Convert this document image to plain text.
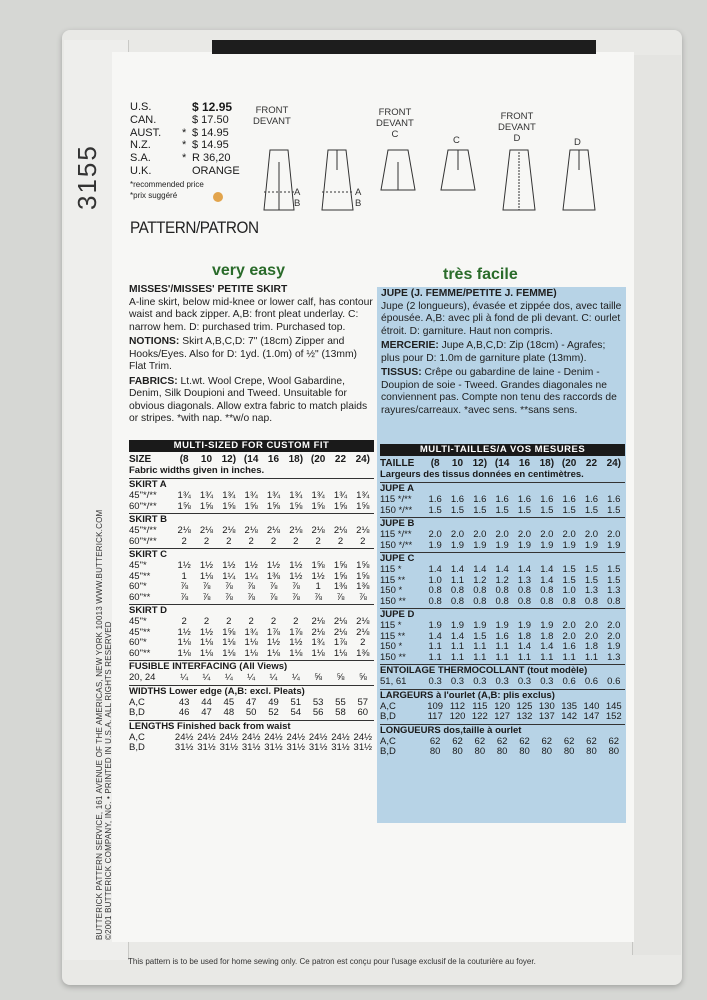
3155
BUTTERICK PATTERN SERVICE, 161 AVENUE OF THE AMERICAS, NEW YORK 10013 WWW.BUTTERICK.COM ©2001 BUTTERICK COMPANY, INC. • PRINTED IN U.S.A. ALL RIGHTS RESERVED
U.S.	$ 12.95
CAN.	$ 17.50
AUST.	* $ 14.95
N.Z.	* $ 14.95
S.A.	* R 36,20
U.K.	ORANGE
*recommended price
*prix suggéré
PATTERN/PATRON
FRONT
DEVANT
FRONT
DEVANT
C
C
FRONT
DEVANT
D	D
A
B
A
B
very easy	très facile

MISSES'/MISSES' PETITE SKIRT
A-line skirt, below mid-knee or lower calf, has contour waist and back zipper. A,B: front pleat underlay. C: narrow hem. D: purchased trim. Purchased top.

NOTIONS: Skirt A,B,C,D: 7" (18cm) Zipper and Hooks/Eyes. Also for D: 1yd. (1.0m) of ½" (13mm) Flat Trim.

FABRICS: Lt.wt. Wool Crepe, Wool Gabardine, Denim, Silk Doupioni and Tweed. Unsuitable for obvious diagonals. Allow extra fabric to match plaids or stripes. *with nap. **w/o nap.

JUPE (J. FEMME/PETITE J. FEMME)
Jupe (2 longueurs), évasée et zippée dos, avec taille épousée. A,B: avec pli à fond de pli devant. C: ourlet étroit. D: garniture. Haut non compris.

MERCERIE: Jupe A,B,C,D: Zip (18cm) - Agrafes; plus pour D: 1.0m de garniture plate (13mm).

TISSUS: Crêpe ou gabardine de laine - Denim - Doupion de soie - Tweed. Grandes diagonales ne conviennent pas. Compte non tenu des raccords de rayures/carreaux. *avec sens. **sans sens.

MULTI-SIZED FOR CUSTOM FIT	MULTI-TAILLES/A VOS MESURES
SIZE	(8	10 12) (14 16 18) (20 22 24)
Fabric widths given in inches.
SKIRT A
45"*/**	1¾ 1¾ 1¾ 1¾ 1¾ 1¾ 1¾ 1¾ 1¾
60"*/**	1⅝ 1⅝ 1⅝ 1⅝ 1⅝ 1⅝ 1⅝ 1⅝ 1⅝
SKIRT B
45"*/**	2⅛ 2⅛ 2⅛ 2⅛ 2⅛ 2⅛ 2⅛ 2⅛ 2⅛
60"*/**	2	2	2	2	2	2	2	2	2
SKIRT C
45"*	1½ 1½ 1½ 1½ 1½ 1½ 1⅝ 1⅝ 1⅝
45"**	1	1⅛ 1¼ 1¼ 1⅜ 1½ 1½ 1⅝ 1⅝
60"*	⅞	⅞	⅞	⅞	⅞	⅞	1	1⅜ 1⅜
60"**	⅞	⅞	⅞	⅞	⅞	⅞	⅞	⅞	⅞
SKIRT D
45"*	2	2	2	2	2	2	2⅛ 2⅛ 2⅛
45"**	1½ 1½ 1⅝ 1¾ 1⅞ 1⅞ 2⅛ 2⅛ 2⅛
60"*	1⅛ 1⅛ 1⅛ 1⅛ 1½ 1½ 1¾ 1⅞	2
60"**	1⅛ 1⅛ 1⅛ 1⅛ 1⅛ 1⅛ 1⅛ 1⅛ 1⅜
FUSIBLE INTERFACING (All Views)
20, 24	¼	¼	¼	¼	¼	¼	⅝	⅝	⅝
WIDTHS Lower edge (A,B: excl. Pleats)
A,C	43	44	45	47	49	51	53	55	57
B,D	46	47	48	50	52	54	56	58	60
LENGTHS Finished back from waist
A,C	24½ 24½ 24½ 24½ 24½ 24½ 24½ 24½ 24½
B,D	31½ 31½ 31½ 31½ 31½ 31½ 31½ 31½ 31½
TAILLE	(8	10 12) (14 16 18) (20 22 24)
Largeurs des tissus données en centimètres.
JUPE A
115 */**	1.6 1.6 1.6 1.6 1.6 1.6 1.6 1.6 1.6
150 */**	1.5 1.5 1.5 1.5 1.5 1.5 1.5 1.5 1.5
JUPE B
115 */**	2.0 2.0 2.0 2.0 2.0 2.0 2.0 2.0 2.0
150 */**	1.9 1.9 1.9 1.9 1.9 1.9 1.9 1.9 1.9
JUPE C
115 *	1.4 1.4 1.4 1.4 1.4 1.4 1.5 1.5 1.5
115 **	1.0 1.1 1.2 1.2 1.3 1.4 1.5 1.5 1.5
150 *	0.8 0.8 0.8 0.8 0.8 0.8 1.0 1.3 1.3
150 **	0.8 0.8 0.8 0.8 0.8 0.8 0.8 0.8 0.8
JUPE D
115 *	1.9 1.9 1.9 1.9 1.9 1.9 2.0 2.0 2.0
115 **	1.4 1.4 1.5 1.6 1.8 1.8 2.0 2.0 2.0
150 *	1.1 1.1 1.1 1.1 1.4 1.4 1.6 1.8 1.9
150 **	1.1 1.1 1.1 1.1 1.1 1.1 1.1 1.1 1.3
ENTOILAGE THERMOCOLLANT (tout modèle)
51, 61	0.3 0.3 0.3 0.3 0.3 0.3 0.6 0.6 0.6
LARGEURS à l'ourlet (A,B: plis exclus)
A,C	109 112 115 120 125 130 135 140 145
B,D	117 120 122 127 132 137 142 147 152
LONGUEURS dos,taille à ourlet
A,C	62	62	62	62	62	62	62	62	62
B,D	80	80	80	80	80	80	80	80	80
This pattern is to be used for home sewing only. Ce patron est conçu pour l'usage exclusif de la couturière au foyer.
